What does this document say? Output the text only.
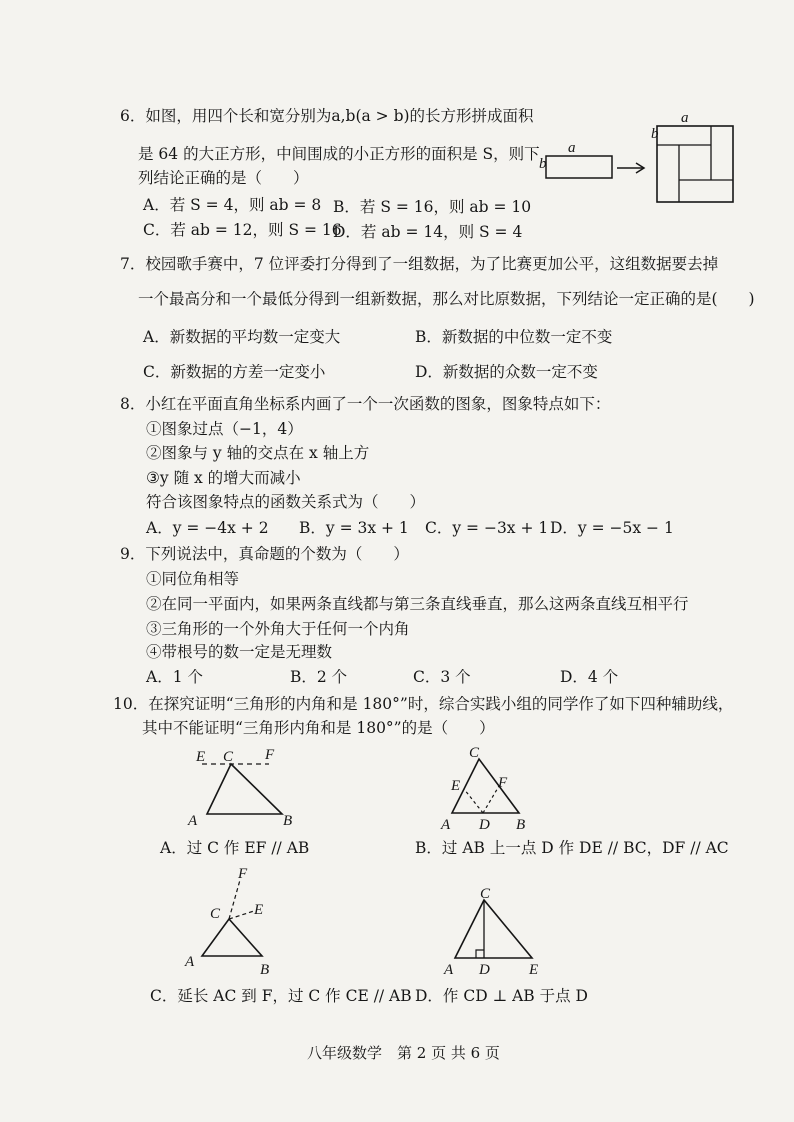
6．如图，用四个长和宽分别为a,b(a > b)的长方形拼成面积
是 64 的大正方形，中间围成的小正方形的面积是 S，则下
列结论正确的是（　　）
A．若 S = 4，则 ab = 8 B．若 S = 16，则 ab = 10
C．若 ab = 12，则 S = 16
D．若 ab = 14，则 S = 4
a
b
b
a
7．校园歌手赛中，7 位评委打分得到了一组数据，为了比赛更加公平，这组数据要去掉
一个最高分和一个最低分得到一组新数据，那么对比原数据，下列结论一定正确的是(　　)
A．新数据的平均数一定变大	B．新数据的中位数一定不变
C．新数据的方差一定变小	D．新数据的众数一定不变
8．小红在平面直角坐标系内画了一个一次函数的图象，图象特点如下：
①图象过点（−1，4）
②图象与 y 轴的交点在 x 轴上方
③y 随 x 的增大而减小
符合该图象特点的函数关系式为（　　）
A．y = −4x + 2 B．y = 3x + 1 C．y = −3x + 1 D．y = −5x − 1
9．下列说法中，真命题的个数为（　　）
①同位角相等
②在同一平面内，如果两条直线都与第三条直线垂直，那么这两条直线互相平行
③三角形的一个外角大于任何一个内角
④带根号的数一定是无理数
A．1 个	B．2 个	C．3 个	D．4 个
10．在探究证明“三角形的内角和是 180°”时，综合实践小组的同学作了如下四种辅助线，
其中不能证明“三角形内角和是 180°”的是（　　）
E C F
A	B
A．过 C 作 EF // AB
C
E	F
A D B
B．过 AB 上一点 D 作 DE // BC，DF // AC
F
C E
A	B
C．延长 AC 到 F，过 C 作 CE // AB
C
A D	E
D．作 CD ⊥ AB 于点 D
八年级数学　第 2 页 共 6 页
